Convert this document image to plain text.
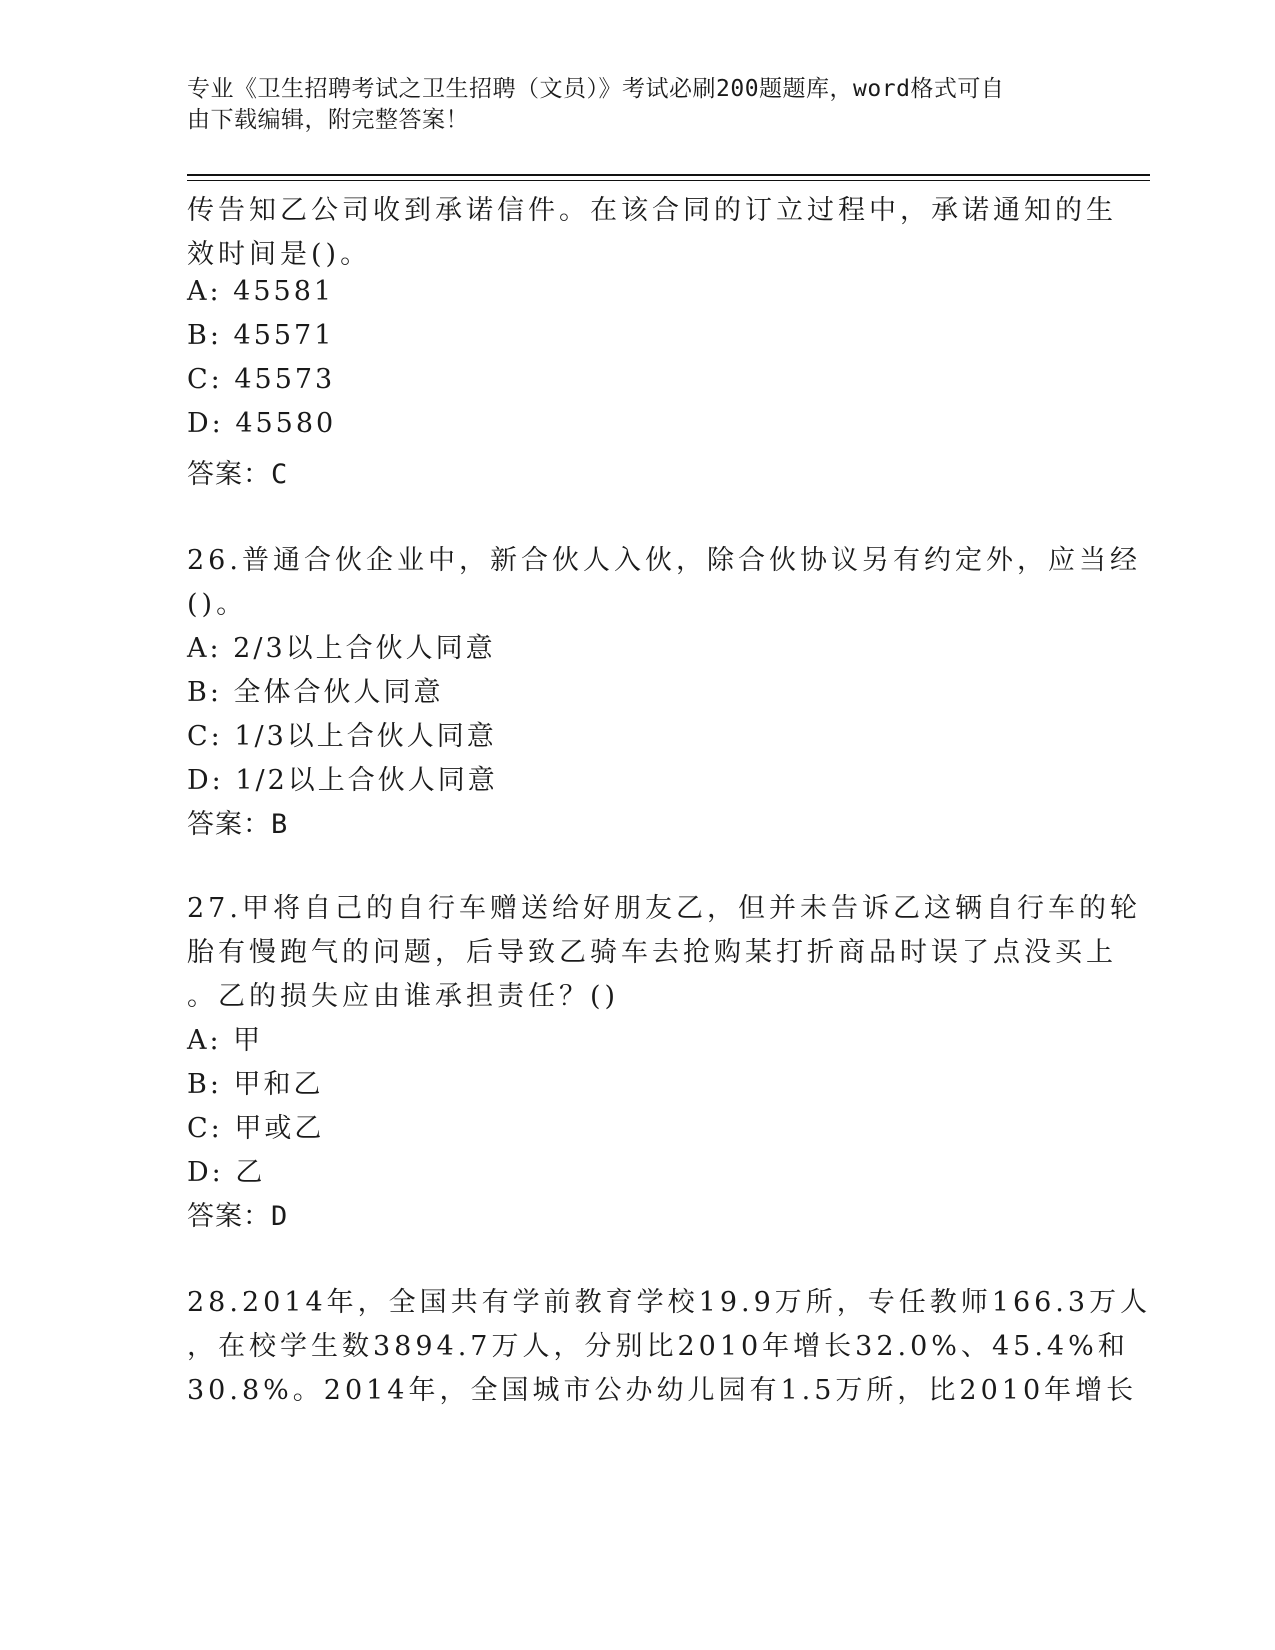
专业《卫生招聘考试之卫生招聘（文员）》考试必刷200题题库，word格式可自
由下载编辑，附完整答案！
传告知乙公司收到承诺信件。在该合同的订立过程中，承诺通知的生
效时间是()。
A: 45581
B: 45571
C: 45573
D: 45580
答案：C
26.普通合伙企业中，新合伙人入伙，除合伙协议另有约定外，应当经
()。
A: 2/3以上合伙人同意
B: 全体合伙人同意
C: 1/3以上合伙人同意
D: 1/2以上合伙人同意
答案：B
27.甲将自己的自行车赠送给好朋友乙，但并未告诉乙这辆自行车的轮
胎有慢跑气的问题，后导致乙骑车去抢购某打折商品时误了点没买上
。乙的损失应由谁承担责任？()
A: 甲
B: 甲和乙
C: 甲或乙
D: 乙
答案：D
28.2014年，全国共有学前教育学校19.9万所，专任教师166.3万人
，在校学生数3894.7万人，分别比2010年增长32.0%、45.4%和
30.8%。2014年，全国城市公办幼儿园有1.5万所，比2010年增长
